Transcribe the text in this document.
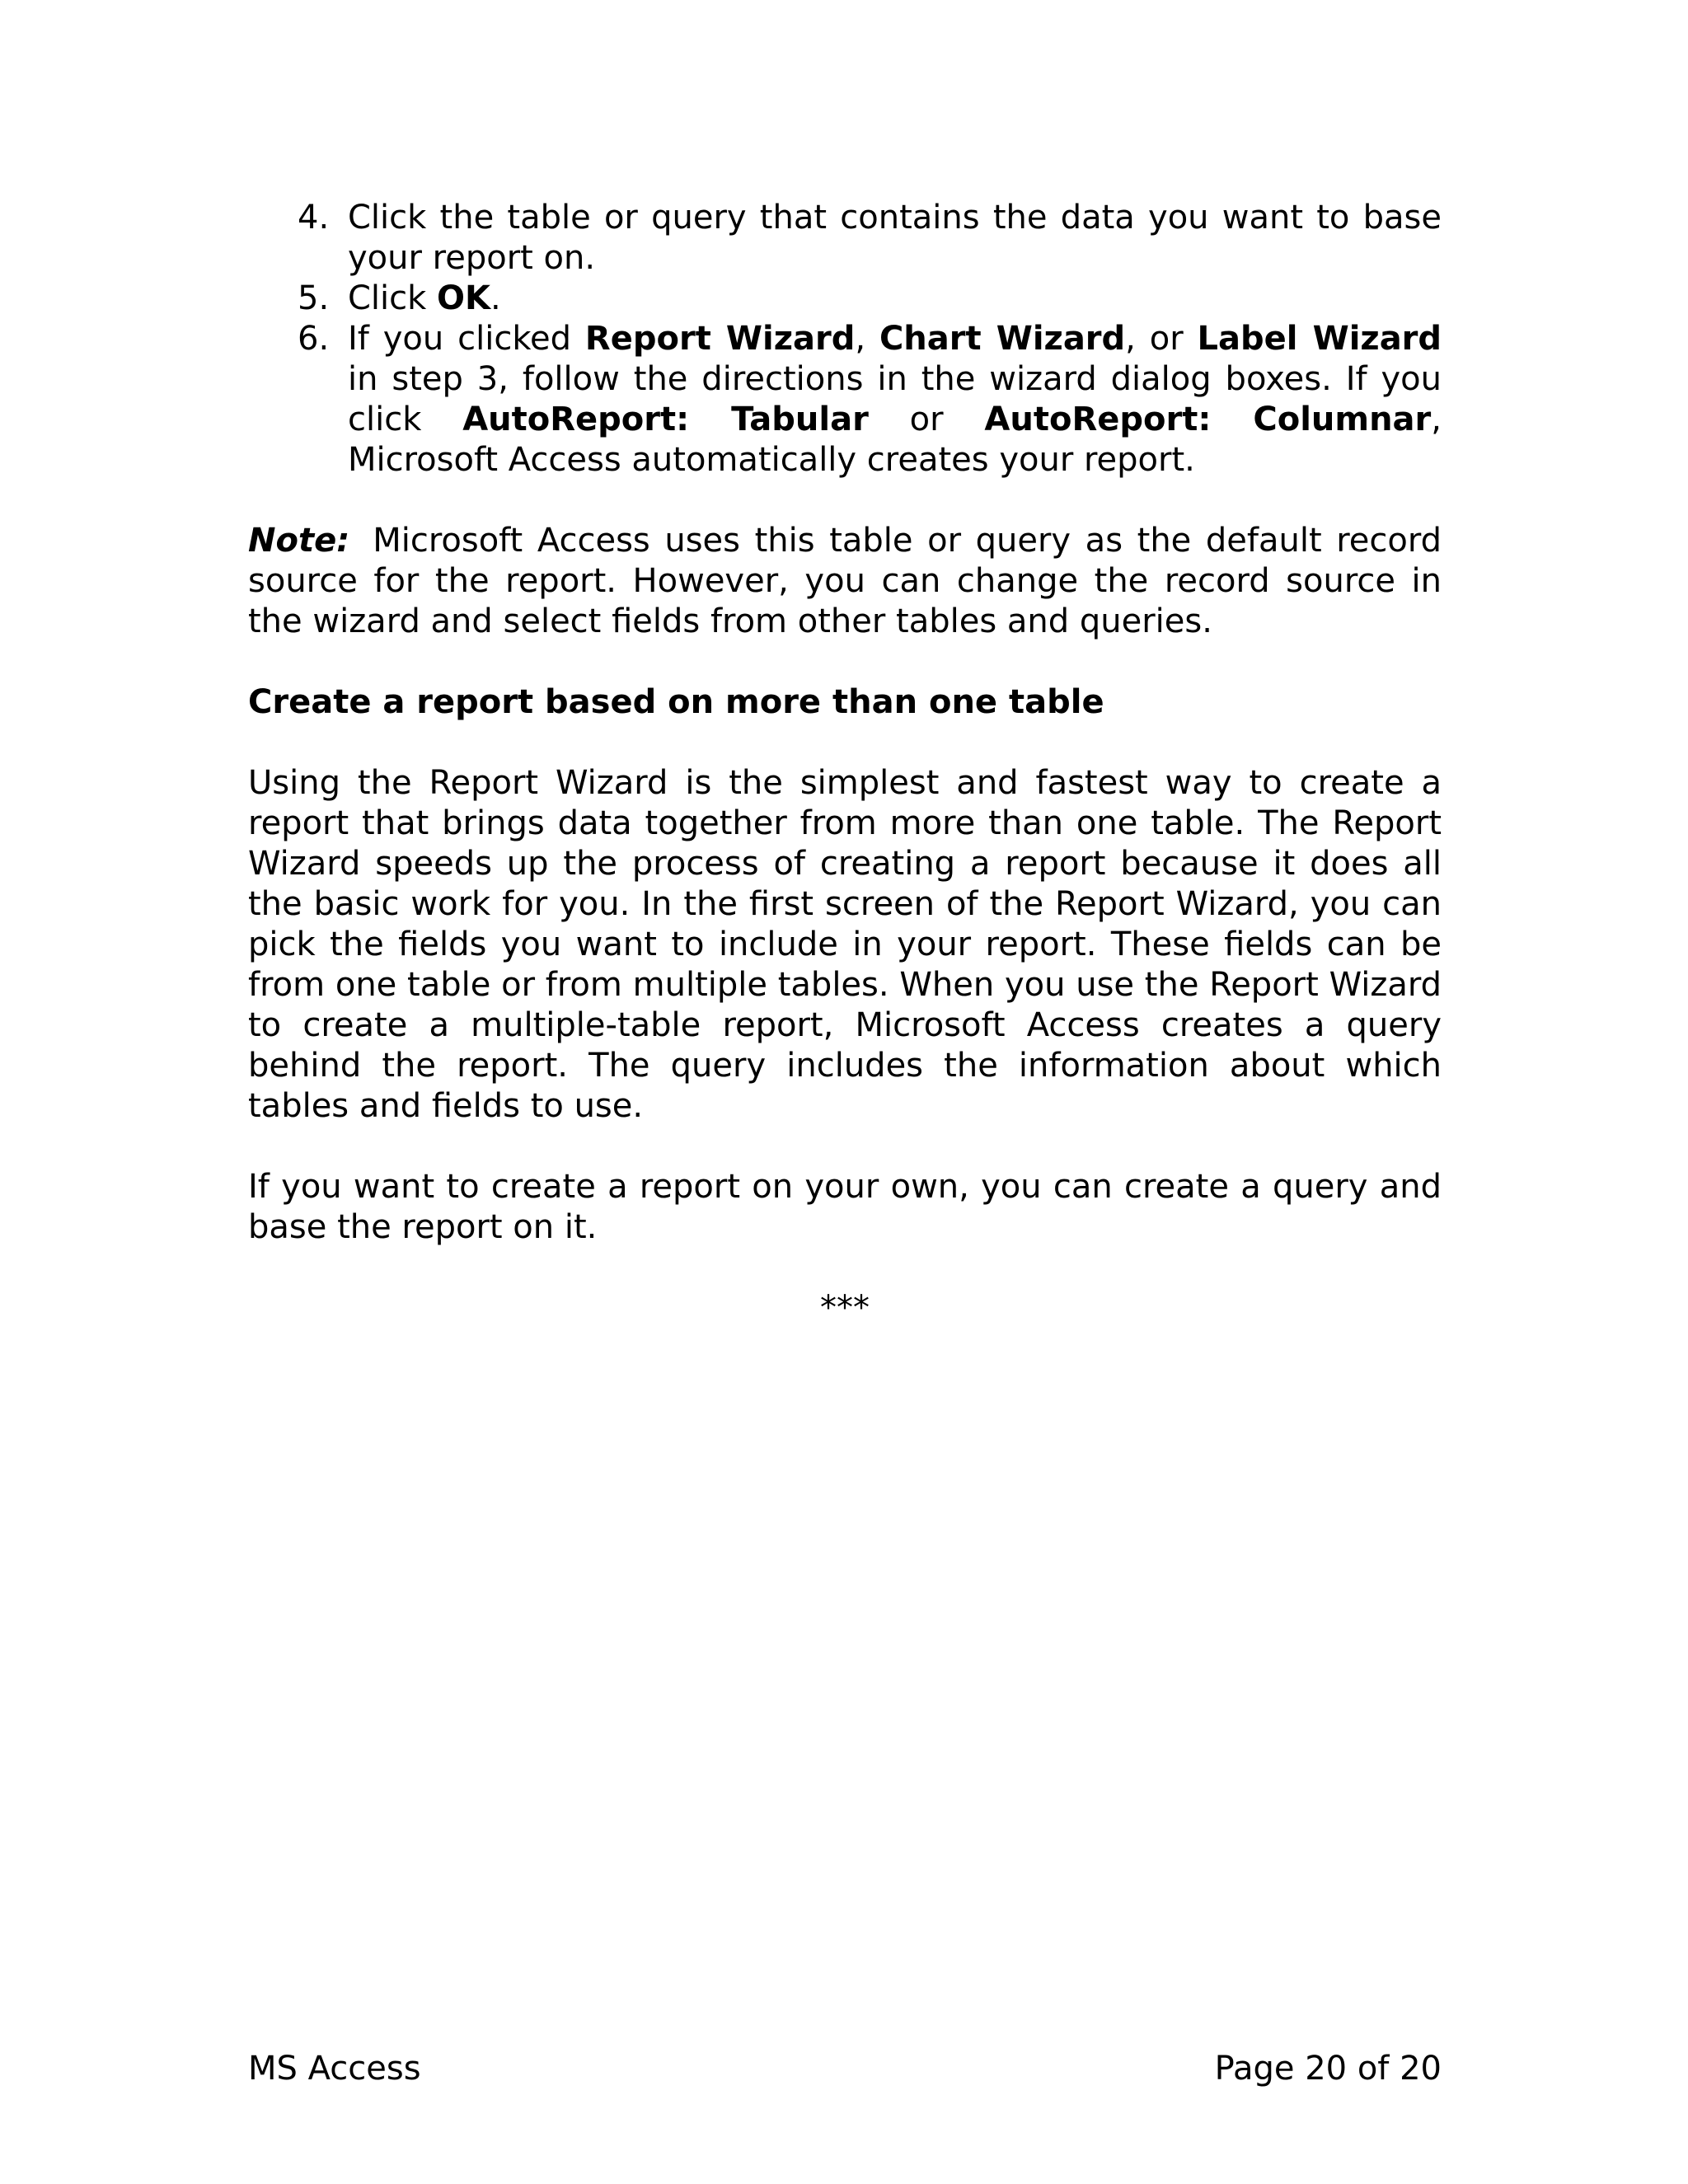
4. Click the table or query that contains the data you want to base your report on.
5. Click OK.
6. If you clicked Report Wizard, Chart Wizard, or Label Wizard in step 3, follow the directions in the wizard dialog boxes. If you click AutoReport: Tabular or AutoReport: Columnar, Microsoft Access automatically creates your report.

Note: Microsoft Access uses this table or query as the default record source for the report. However, you can change the record source in the wizard and select fields from other tables and queries.

Create a report based on more than one table

Using the Report Wizard is the simplest and fastest way to create a report that brings data together from more than one table. The Report Wizard speeds up the process of creating a report because it does all the basic work for you. In the first screen of the Report Wizard, you can pick the fields you want to include in your report. These fields can be from one table or from multiple tables. When you use the Report Wizard to create a multiple-table report, Microsoft Access creates a query behind the report. The query includes the information about which tables and fields to use.

If you want to create a report on your own, you can create a query and base the report on it.

***
MS Access	Page 20 of 20
